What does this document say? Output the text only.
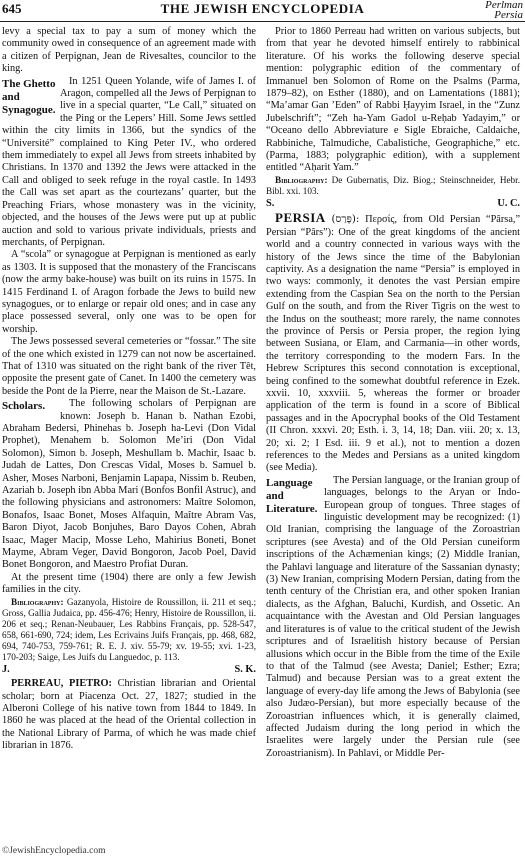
645	THE JEWISH ENCYCLOPEDIA	Perlman
Persia

levy a special tax to pay a sum of money which the community owed in consequence of an agreement made with a citizen of Perpignan, Jean de Rivesaltes, councilor to the king.

The Ghetto and Synagogue.
In 1251 Queen Yolande, wife of James I. of Aragon, compelled all the Jews of Perpignan to live in a special quarter, “Le Call,” situated on the Ping or the Lepers’ Hill. Some Jews settled within the city limits in 1366, but the syndics of the “Université” complained to King Peter IV., who ordered them immediately to expel all Jews from streets inhabited by Christians. In 1370 and 1392 the Jews were attacked in the Call and obliged to seek refuge in the royal castle. In 1493 the Call was set apart as the courtezans’ quarter, but the Preaching Friars, whose monastery was in the vicinity, objected, and the houses of the Jews were put up at public auction and sold to various private individuals, priests and merchants, of Perpignan.

A “scola” or synagogue at Perpignan is mentioned as early as 1303. It is supposed that the monastery of the Franciscans (now the army bake-house) was built on its ruins in 1575. In 1415 Ferdinand I. of Aragon forbade the Jews to build new synagogues, or to enlarge or repair old ones; and in case any place possessed several, only one was to be open for worship.

The Jews possessed several cemeteries or “fossar.” The site of the one which existed in 1279 can not now be ascertained. That of 1310 was situated on the right bank of the river Têt, opposite the present gate of Canet. In 1400 the cemetery was beside the Pont de la Pierre, near the Maison de St.-Lazare.

Scholars.	The following scholars of Perpignan are known: Joseph b. Hanan b. Nathan Ezobi, Abraham Bedersi, Phinehas b. Joseph ha-Levi (Don Vidal Prophet), Menahem b. Solomon Me’iri (Don Vidal Solomon), Simon b. Joseph, Meshullam b. Machir, Isaac b. Judah de Lattes, Don Crescas Vidal, Moses b. Samuel b. Asher, Moses Narboni, Benjamin Lapapa, Nissim b. Reuben, Azariah b. Joseph ibn Abba Mari (Bonfos Bonfil Astruc), and the following physicians and astronomers: Maître Solomon, Bonafos, Isaac Bonet, Moses Alfaquin, Maître Abram Vas, Baron Diyot, Jacob Bonjuhes, Baro Dayos Cohen, Abrah Isaac, Mager Macip, Mosse Leho, Mahirius Boneti, Bonet Mayme, Abram Veger, David Bongoron, Jacob Poel, David Bonet Bongoron, and Maestro Profiat Duran.

At the present time (1904) there are only a few Jewish families in the city.

Bibliography: Gazanyola, Histoire de Roussillon, ii. 211 et seq.; Gross, Gallia Judaica, pp. 456-476; Henry, Histoire de Roussillon, ii. 206 et seq.; Renan-Neubauer, Les Rabbins Français, pp. 528-547, 658, 661-690, 724; idem, Les Ecrivains Juifs Français, pp. 468, 682, 694, 740-753, 759-761; R. E. J. xiv. 55-79; xv. 19-55; xvi. 1-23, 170-203; Saige, Les Juifs du Languedoc, p. 113.

J.	S. K.

PERREAU, PIETRO: Christian librarian and Oriental scholar; born at Piacenza Oct. 27, 1827; studied in the Alberoni College of his native town from 1844 to 1849. In 1860 he was placed at the head of the Oriental collection in the National Library of Parma, of which he was made chief librarian in 1876.

Prior to 1860 Perreau had written on various subjects, but from that year he devoted himself entirely to rabbinical literature. Of his works the following deserve special mention: polygraphic edition of the commentary of Immanuel ben Solomon of Rome on the Psalms (Parma, 1879–82), on Esther (1880), and on Lamentations (1881); “Ma’amar Gan ’Eden” of Rabbi Ḥayyim Israel, in the “Zunz Jubelschrift”; “Zeh ha-Yam Gadol u-Reḥab Yadayim,” or “Oceano dello Abbreviature e Sigle Ebraiche, Caldaiche, Rabbiniche, Talmudiche, Cabalistiche, Geographiche,” etc. (Parma, 1883; polygraphic edition), with a supplement entitled “Aḥarit Yam.”

Bibliography: De Gubernatis, Diz. Biog.; Steinschneider, Hebr. Bibl. xxi. 103.

S.	U. C.

PERSIA (פָּרַס): Περσίς, from Old Persian “Pârsa,” Persian “Pârs”): One of the great kingdoms of the ancient world and a country connected in various ways with the history of the Jews since the time of the Babylonian captivity. As a designation the name “Persia” is employed in two ways: commonly, it denotes the vast Persian empire extending from the Caspian Sea on the north to the Persian Gulf on the south, and from the River Tigris on the west to the Indus on the southeast; more rarely, the name connotes the province of Persis or Persia proper, the region lying between Susiana, or Elam, and Carmania—in other words, the territory corresponding to the modern Fars. In the Hebrew Scriptures this second connotation is exceptional, being confined to the somewhat doubtful reference in Ezek. xxvii. 10, xxxviii. 5, whereas the former or broader application of the term is found in a score of Biblical passages and in the Apocryphal books of the Old Testament (II Chron. xxxvi. 20; Esth. i. 3, 14, 18; Dan. viii. 20; x. 13, 20; xi. 2; I Esd. iii. 9 et al.), not to mention a dozen references to the Medes and Persians as a united kingdom (see Media).

Language and Literature.
The Persian language, or the Iranian group of languages, belongs to the Aryan or Indo-European group of tongues. Three stages of linguistic development may be recognized: (1) Old Iranian, comprising the language of the Zoroastrian scriptures (see Avesta) and of the Old Persian cuneiform inscriptions of the Achæmenian kings; (2) Middle Iranian, the Pahlavi language and literature of the Sassanian dynasty; (3) New Iranian, comprising Modern Persian, dating from the tenth century of the Christian era, and other spoken Iranian dialects, as the Afghan, Baluchi, Kurdish, and Ossetic. An acquaintance with the Avestan and Old Persian languages and literatures is of value to the critical student of the Jewish scriptures and of Israelitish history because of Persian allusions which occur in the Bible from the time of the Exile to that of the Talmud (see Avesta; Daniel; Esther; Ezra; Talmud) and because Persian was to a great extent the language of every-day life among the Jews of Babylonia (see also Judæo-Persian), but more especially because of the Zoroastrian influences which, it is generally claimed, affected Judaism during the long period in which the Israelites were largely under the Persian rule (see Zoroastrianism). In Pahlavi, or Middle Per-

©JewishEncyclopedia.com
